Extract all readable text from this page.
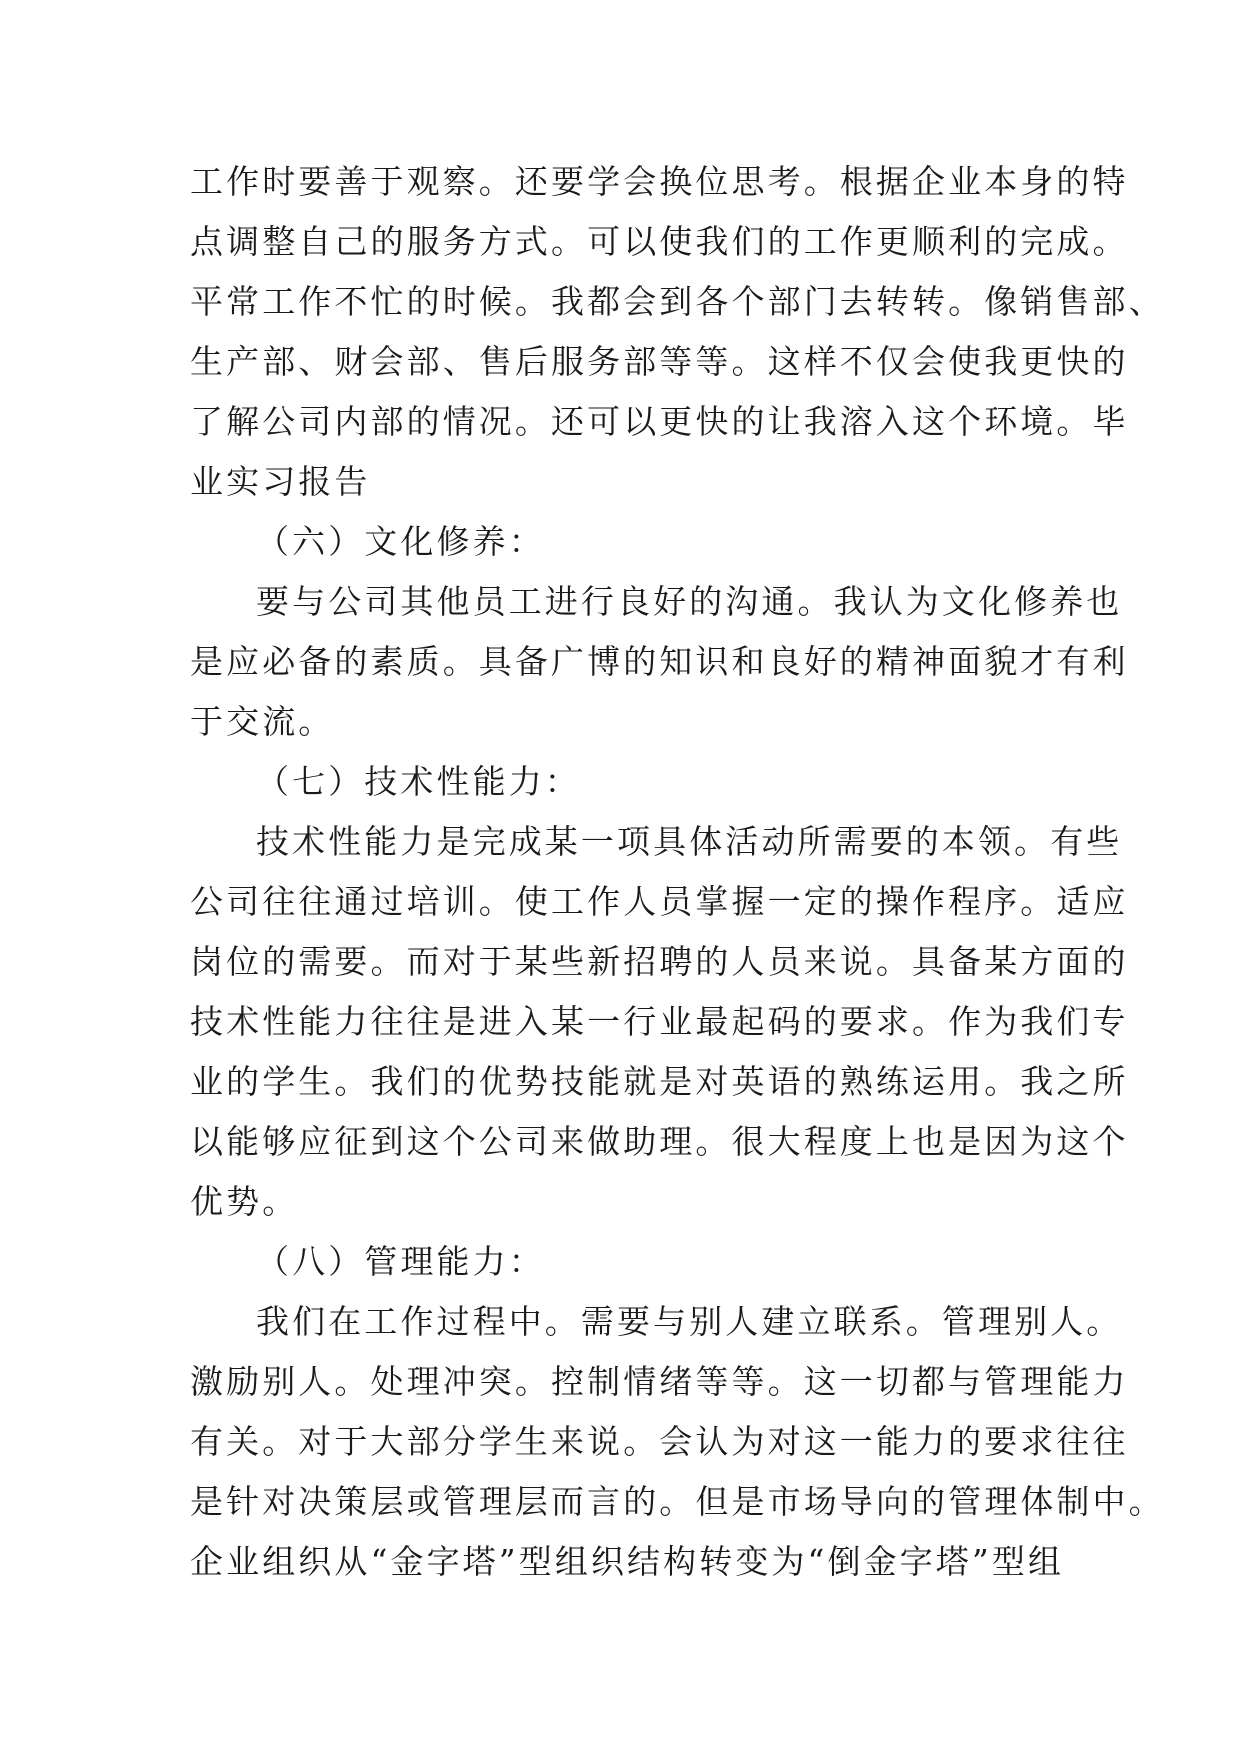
工作时要善于观察。还要学会换位思考。根据企业本身的特
点调整自己的服务方式。可以使我们的工作更顺利的完成。
平常工作不忙的时候。我都会到各个部门去转转。像销售部、
生产部、财会部、售后服务部等等。这样不仅会使我更快的
了解公司内部的情况。还可以更快的让我溶入这个环境。毕
业实习报告
（六）文化修养：
要与公司其他员工进行良好的沟通。我认为文化修养也
是应必备的素质。具备广博的知识和良好的精神面貌才有利
于交流。
（七）技术性能力：
技术性能力是完成某一项具体活动所需要的本领。有些
公司往往通过培训。使工作人员掌握一定的操作程序。适应
岗位的需要。而对于某些新招聘的人员来说。具备某方面的
技术性能力往往是进入某一行业最起码的要求。作为我们专
业的学生。我们的优势技能就是对英语的熟练运用。我之所
以能够应征到这个公司来做助理。很大程度上也是因为这个
优势。
（八）管理能力：
我们在工作过程中。需要与别人建立联系。管理别人。
激励别人。处理冲突。控制情绪等等。这一切都与管理能力
有关。对于大部分学生来说。会认为对这一能力的要求往往
是针对决策层或管理层而言的。但是市场导向的管理体制中。
企业组织从“金字塔”型组织结构转变为“倒金字塔”型组
